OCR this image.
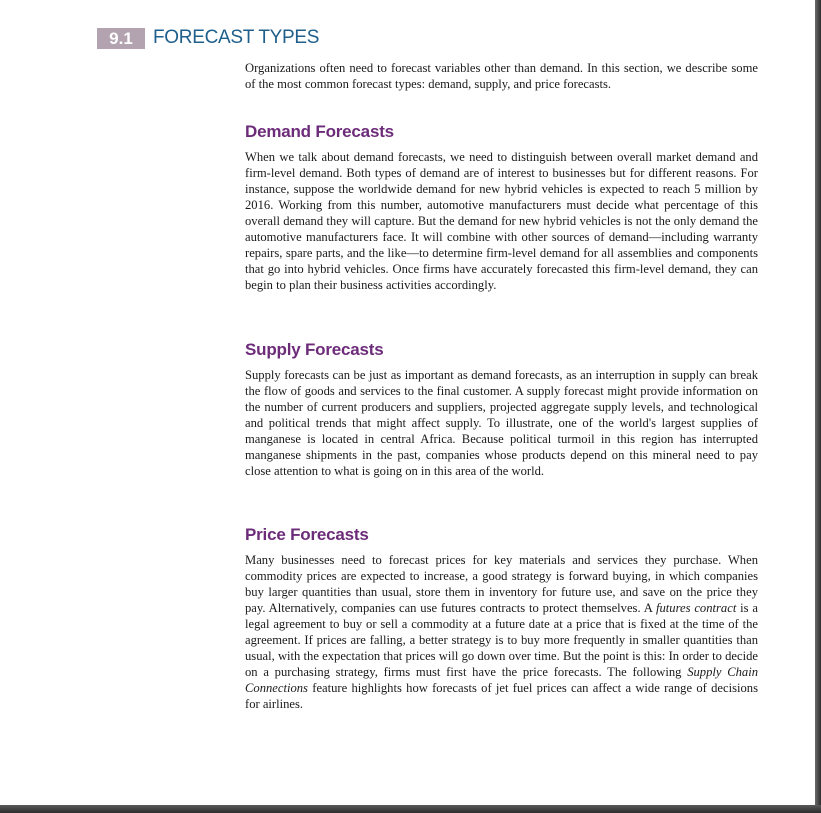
9.1	FORECAST TYPES

Organizations often need to forecast variables other than demand. In this section, we describe some of the most common forecast types: demand, supply, and price forecasts.

Demand Forecasts

When we talk about demand forecasts, we need to distinguish between overall market demand and firm-level demand. Both types of demand are of interest to businesses but for different reasons. For instance, suppose the worldwide demand for new hybrid vehicles is expected to reach 5 million by 2016. Working from this number, automotive manufacturers must decide what percentage of this overall demand they will capture. But the demand for new hybrid vehicles is not the only demand the automotive manufacturers face. It will combine with other sources of demand—including warranty repairs, spare parts, and the like—to determine firm-level demand for all assemblies and components that go into hybrid vehicles. Once firms have accurately forecasted this firm-level demand, they can begin to plan their business activities accordingly.

Supply Forecasts

Supply forecasts can be just as important as demand forecasts, as an interruption in supply can break the flow of goods and services to the final customer. A supply forecast might provide information on the number of current producers and suppliers, projected aggregate supply levels, and technological and political trends that might affect supply. To illustrate, one of the world's largest supplies of manganese is located in central Africa. Because political turmoil in this region has interrupted manganese shipments in the past, companies whose products depend on this mineral need to pay close attention to what is going on in this area of the world.

Price Forecasts

Many businesses need to forecast prices for key materials and services they purchase. When commodity prices are expected to increase, a good strategy is forward buying, in which companies buy larger quantities than usual, store them in inventory for future use, and save on the price they pay. Alternatively, companies can use futures contracts to protect themselves. A futures contract is a legal agreement to buy or sell a commodity at a future date at a price that is fixed at the time of the agreement. If prices are falling, a better strategy is to buy more frequently in smaller quantities than usual, with the expectation that prices will go down over time. But the point is this: In order to decide on a purchasing strategy, firms must first have the price forecasts. The following Supply Chain Connections feature highlights how forecasts of jet fuel prices can affect a wide range of decisions for airlines.
